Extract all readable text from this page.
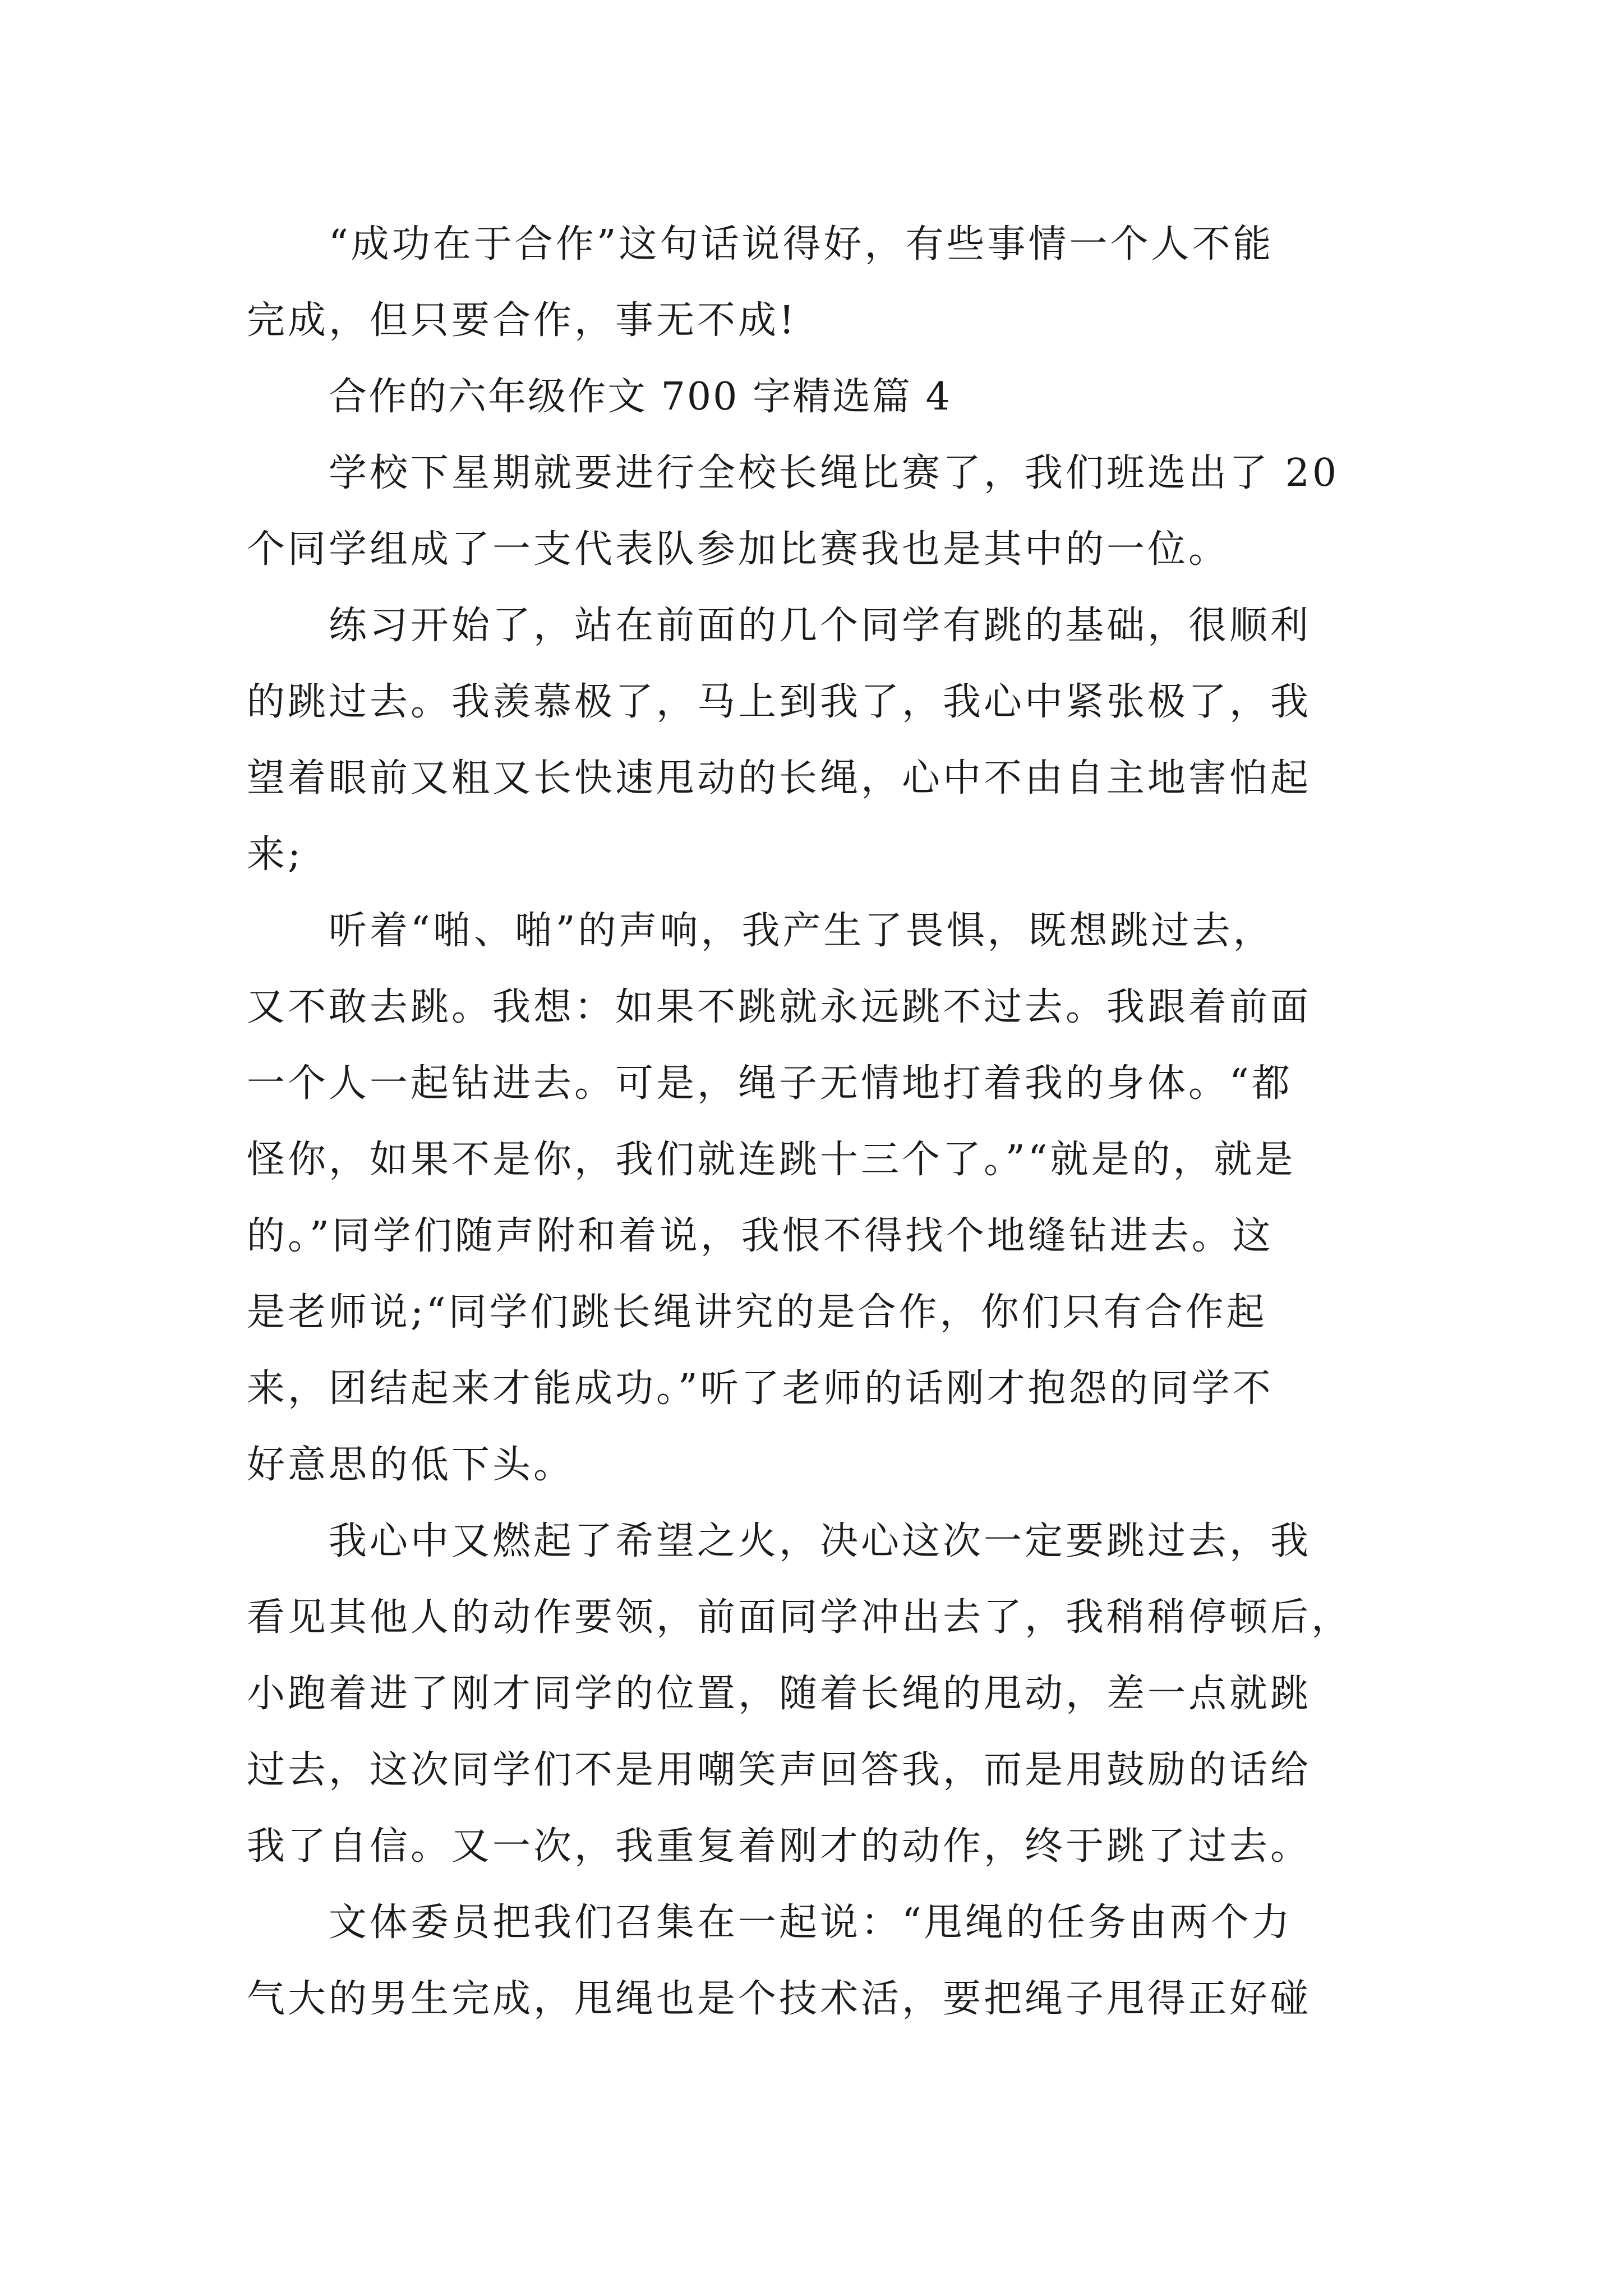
“成功在于合作”这句话说得好，有些事情一个人不能
完成，但只要合作，事无不成!

合作的六年级作文 700 字精选篇 4

学校下星期就要进行全校长绳比赛了，我们班选出了 20
个同学组成了一支代表队参加比赛我也是其中的一位。

练习开始了，站在前面的几个同学有跳的基础，很顺利
的跳过去。我羡慕极了，马上到我了，我心中紧张极了，我
望着眼前又粗又长快速甩动的长绳，心中不由自主地害怕起
来;

听着“啪、啪”的声响，我产生了畏惧，既想跳过去，
又不敢去跳。我想：如果不跳就永远跳不过去。我跟着前面
一个人一起钻进去。可是，绳子无情地打着我的身体。“都
怪你，如果不是你，我们就连跳十三个了。”“就是的，就是
的。”同学们随声附和着说，我恨不得找个地缝钻进去。这
是老师说;“同学们跳长绳讲究的是合作，你们只有合作起
来，团结起来才能成功。”听了老师的话刚才抱怨的同学不
好意思的低下头。

我心中又燃起了希望之火，决心这次一定要跳过去，我
看见其他人的动作要领，前面同学冲出去了，我稍稍停顿后，
小跑着进了刚才同学的位置，随着长绳的甩动，差一点就跳
过去，这次同学们不是用嘲笑声回答我，而是用鼓励的话给
我了自信。又一次，我重复着刚才的动作，终于跳了过去。

文体委员把我们召集在一起说：“甩绳的任务由两个力
气大的男生完成，甩绳也是个技术活，要把绳子甩得正好碰
